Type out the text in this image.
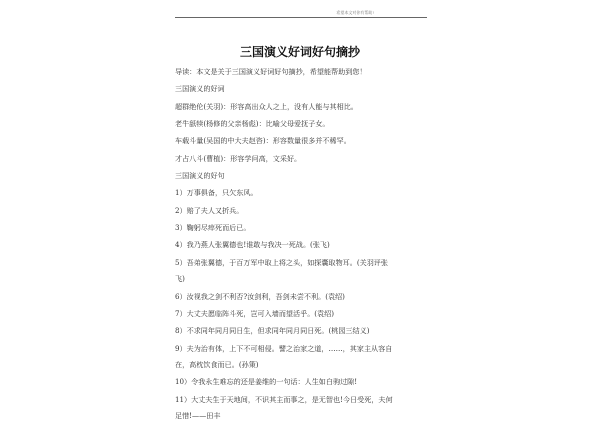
希望本文对你有帮助!
三国演义好词好句摘抄
导读：本文是关于三国演义好词好句摘抄，希望能帮助到您！
三国演义的好词
超群绝伦(关羽)：形容高出众人之上，没有人能与其相比。
老牛舐犊(杨修的父亲杨彪)：比喻父母爱抚子女。
车载斗量(吴国的中大夫赵咨)：形容数量很多并不稀罕。
才占八斗(曹植)：形容学问高，文采好。
三国演义的好句
1）万事俱备，只欠东风。
2）赔了夫人又折兵。
3）鞠躬尽瘁死而后已。
4）我乃燕人张翼德也!谁敢与我决一死战。(张飞)
5）吾弟张翼德，于百万军中取上将之头，如探囊取物耳。(关羽评张
飞)
6）汝视我之剑不利否?汝剑利，吾剑未尝不利。(袁绍)
7）大丈夫愿临阵斗死，岂可入墙而望活乎。(袁绍)
8）不求同年同月同日生，但求同年同月同日死。(桃园三结义)
9）夫为治有体，上下不可相侵。譬之治家之道，……，其家主从容自
在，高枕饮食而已。(孙策)
10）令我永生难忘的还是姜维的一句话：人生如白驹过隙!
11）大丈夫生于天地间，不识其主而事之，是无智也!今日受死，夫何
足惜!——田丰
